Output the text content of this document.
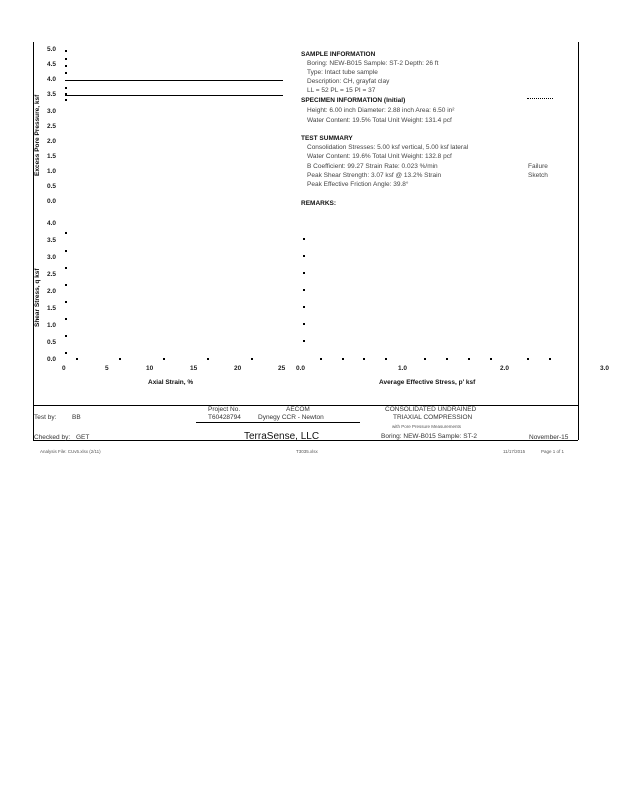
5.0
4.5
4.0
3.5
3.0
2.5
2.0
1.5
1.0
0.5
0.0
Excess Pore Pressure, ksf
4.0
3.5
3.0
2.5
2.0
1.5
1.0
0.5
0.0
Shear Stress, q ksf
0	5	10	15	20	25
Axial Strain, %
0.0	1.0	2.0	3.0
Average Effective Stress, p' ksf
SAMPLE INFORMATION
Boring: NEW-B015 Sample: ST-2 Depth: 26 ft
Type: Intact tube sample
Description: CH, grayfat clay
LL = 52 PL = 15 PI = 37
SPECIMEN INFORMATION (Initial)
Height: 6.00 inch Diameter: 2.88 inch Area: 6.50 in²
Water Content: 19.5% Total Unit Weight: 131.4 pcf
TEST SUMMARY
Consolidation Stresses: 5.00 ksf vertical, 5.00 ksf lateral
Water Content: 19.6% Total Unit Weight: 132.8 pcf
B Coefficient: 99.27 Strain Rate: 0.023 %/min
Peak Shear Strength: 3.07 ksf @ 13.2% Strain
Peak Effective Friction Angle: 39.8°
Failure
Sketch
REMARKS:
Test by: BB
Checked by: GET
Project No.
T60428794
AECOM
Dynegy CCR - Newton
TerraSense, LLC
CONSOLIDATED UNDRAINED
TRIAXIAL COMPRESSION
with Pore Pressure Measurements
Boring: NEW-B015 Sample: ST-2	November-15
Analysis File: CUv5.xlsx (2/11)	T3035.xlsx	11/17/2015	Page 1 of 1
